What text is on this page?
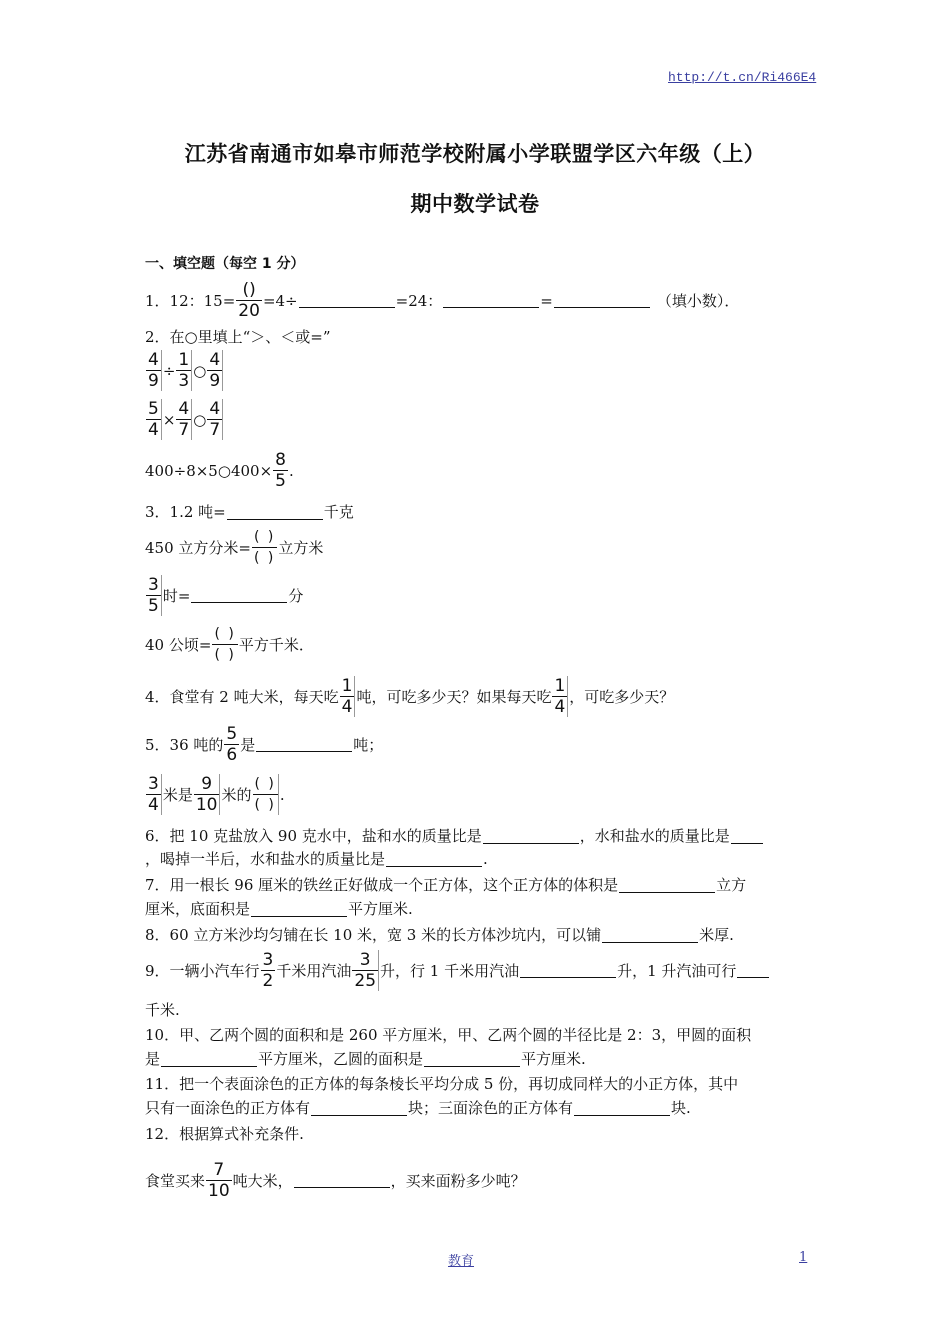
http://t.cn/Ri466E4
江苏省南通市如皋市师范学校附属小学联盟学区六年级（上）
期中数学试卷
一、填空题（每空 1 分）
1．12：$15= \frac{()}{20} =4\div$	=24：	=	（填小数）．
2．在○里填上“＞、＜或=”
$\frac{4}{9} \div \frac{1}{3}$ ○ $\frac{4}{9}$
$\frac{5}{4} \times \frac{4}{7}$ ○ $\frac{4}{7}$
400÷8×5○400× $\frac{8}{5}$ .
3．1.2 吨=	千克
450 立方分米= $\frac{( )}{( )}$ 立方米
$\frac{3}{5}$ 时=	分
40 公顷= $\frac{( )}{( )}$ 平方千米．
4．食堂有 2 吨大米，每天吃 $\frac{1}{4}$ 吨，可吃多少天？如果每天吃 $\frac{1}{4}$ ，可吃多少天？
5．36 吨的 $\frac{5}{6}$ 是	吨；
$\frac{3}{4}$ 米是 $\frac{9}{10}$ 米的 $\frac{( )}{( )}$ .
6．把 10 克盐放入 90 克水中，盐和水的质量比是	，水和盐水的质量比是
，喝掉一半后，水和盐水的质量比是	.
7．用一根长 96 厘米的铁丝正好做成一个正方体，这个正方体的体积是	立方
厘米，底面积是	平方厘米.
8．60 立方米沙均匀铺在长 10 米，宽 3 米的长方体沙坑内，可以铺	米厚.
9．一辆小汽车行 $\frac{3}{2}$ 千米用汽油 $\frac{3}{25}$ 升，行 1 千米用汽油	升，1 升汽油可行
千米.
10．甲、乙两个圆的面积和是 260 平方厘米，甲、乙两个圆的半径比是 2：3，甲圆的面积
是	平方厘米，乙圆的面积是	平方厘米.
11．把一个表面涂色的正方体的每条棱长平均分成 5 份，再切成同样大的小正方体，其中
只有一面涂色的正方体有	块；三面涂色的正方体有	块.
12．根据算式补充条件.
食堂买来 $\frac{7}{10}$ 吨大米，	，买来面粉多少吨？
教育	1
